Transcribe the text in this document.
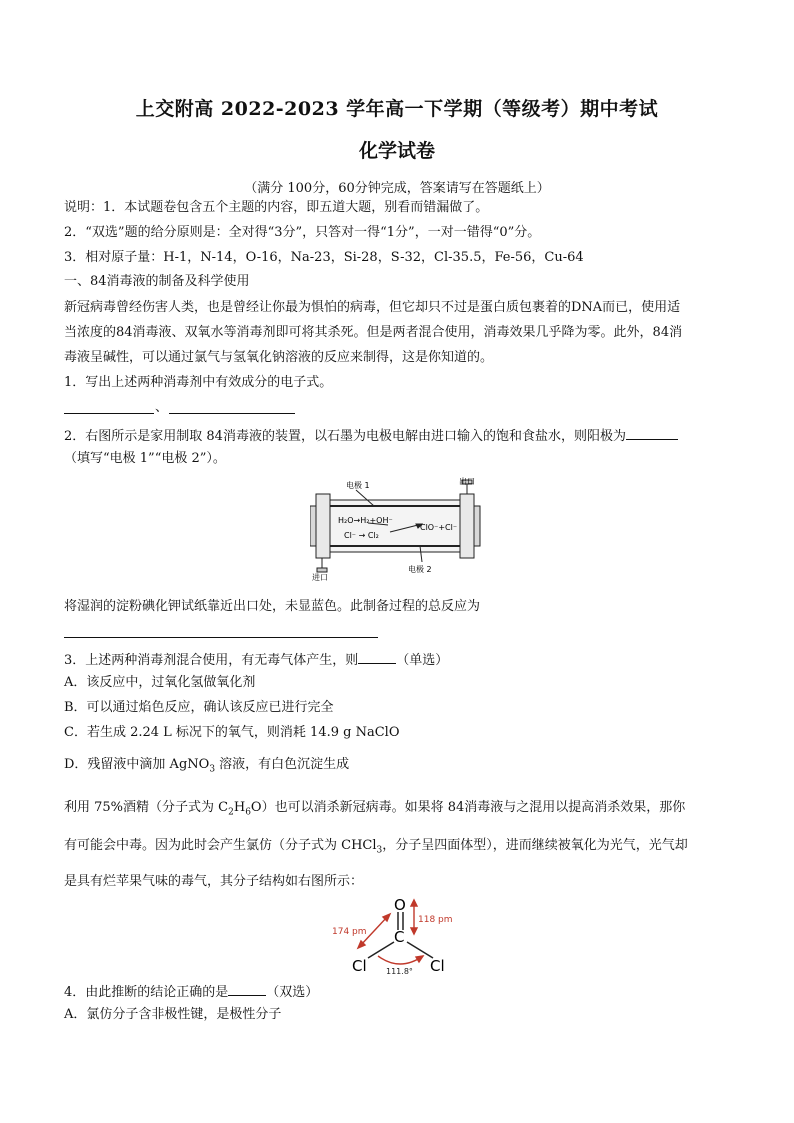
上交附高 2022-2023 学年高一下学期（等级考）期中考试
化学试卷
（满分 100分，60分钟完成，答案请写在答题纸上）
说明：1．本试题卷包含五个主题的内容，即五道大题，别看而错漏做了。
2．“双选”题的给分原则是：全对得“3分”，只答对一得“1分”，一对一错得“0”分。
3．相对原子量：H-1，N-14，O-16，Na-23，Si-28，S-32，Cl-35.5，Fe-56，Cu-64
一、84消毒液的制备及科学使用
新冠病毒曾经伤害人类，也是曾经让你最为惧怕的病毒，但它却只不过是蛋白质包裹着的DNA而已，使用适
当浓度的84消毒液、双氧水等消毒剂即可将其杀死。但是两者混合使用，消毒效果几乎降为零。此外，84消
毒液呈碱性，可以通过氯气与氢氧化钠溶液的反应来制得，这是你知道的。
1．写出上述两种消毒剂中有效成分的电子式。
、
2．右图所示是家用制取 84消毒液的装置，以石墨为电极电解由进口输入的饱和食盐水，则阳极为
（填写“电极 1”“电极 2”）。
电极 1
电极 2
出口
进口
H₂O→H₂+OH⁻
Cl⁻ → Cl₂
ClO⁻+Cl⁻
将湿润的淀粉碘化钾试纸靠近出口处，未显蓝色。此制备过程的总反应为
3．上述两种消毒剂混合使用，有无毒气体产生，则	（单选）
A．该反应中，过氧化氢做氧化剂
B．可以通过焰色反应，确认该反应已进行完全
C．若生成 2.24 L 标况下的氧气，则消耗 14.9 g NaClO
D．残留液中滴加 AgNO$_3$ 溶液，有白色沉淀生成
利用 75%酒精（分子式为 $C_2H_6O$）也可以消杀新冠病毒。如果将 84消毒液与之混用以提高消杀效果，那你
有可能会中毒。因为此时会产生氯仿（分子式为 CHCl$_3$，分子呈四面体型），进而继续被氧化为光气，光气却
是具有烂苹果气味的毒气，其分子结构如右图所示：
O
C
Cl	Cl
118 pm
174 pm
111.8°
4．由此推断的结论正确的是	（双选）
A．氯仿分子含非极性键，是极性分子
